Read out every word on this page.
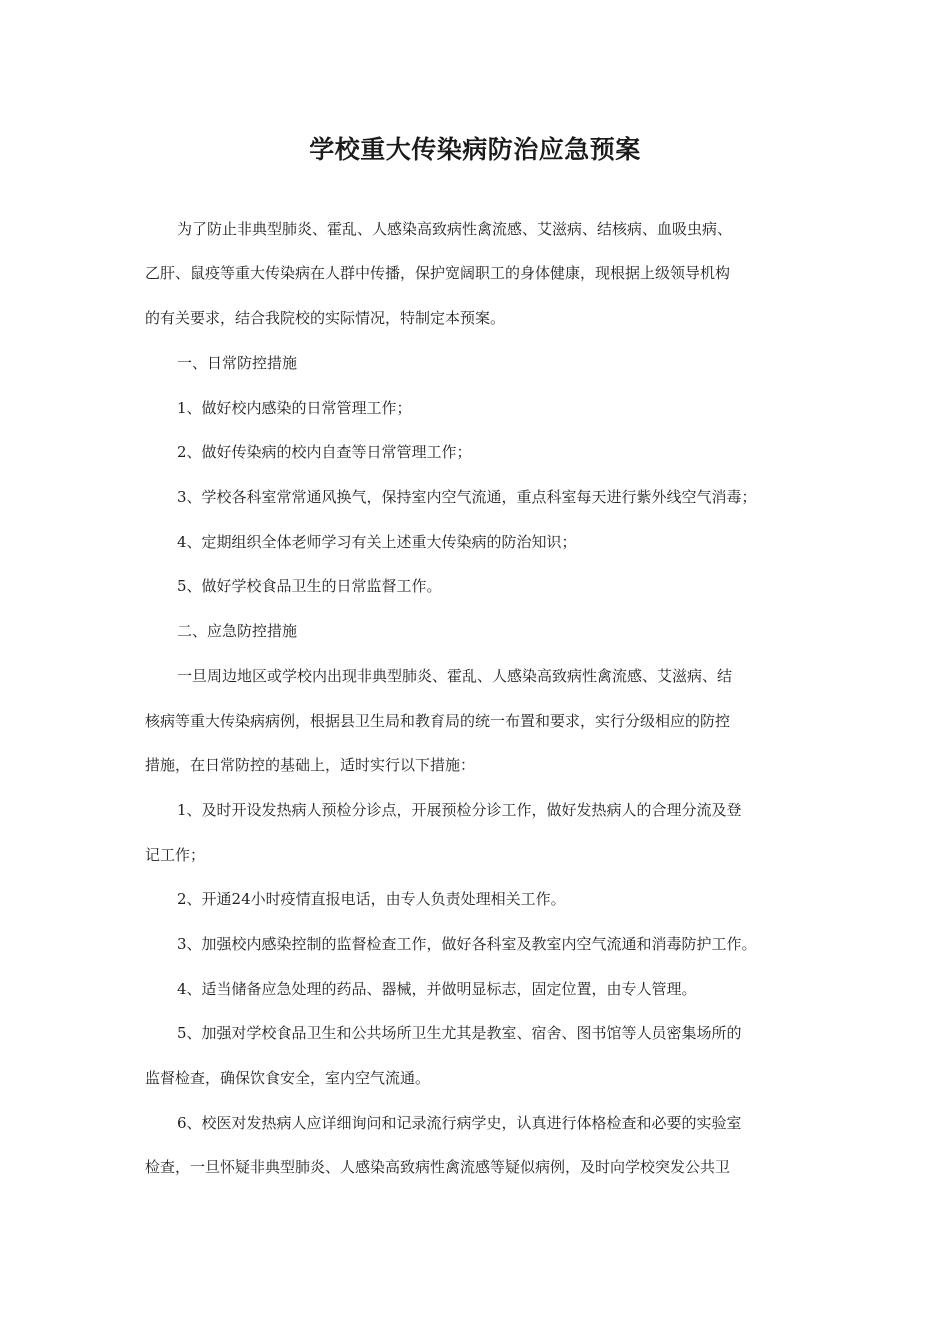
学校重大传染病防治应急预案
为了防止非典型肺炎、霍乱、人感染高致病性禽流感、艾滋病、结核病、血吸虫病、
乙肝、鼠疫等重大传染病在人群中传播，保护宽阔职工的身体健康，现根据上级领导机构
的有关要求，结合我院校的实际情况，特制定本预案。
一、日常防控措施
1、做好校内感染的日常管理工作；
2、做好传染病的校内自查等日常管理工作；
3、学校各科室常常通风换气，保持室内空气流通，重点科室每天进行紫外线空气消毒；
4、定期组织全体老师学习有关上述重大传染病的防治知识；
5、做好学校食品卫生的日常监督工作。
二、应急防控措施
一旦周边地区或学校内出现非典型肺炎、霍乱、人感染高致病性禽流感、艾滋病、结
核病等重大传染病病例，根据县卫生局和教育局的统一布置和要求，实行分级相应的防控
措施，在日常防控的基础上，适时实行以下措施：
1、及时开设发热病人预检分诊点，开展预检分诊工作，做好发热病人的合理分流及登
记工作；
2、开通24小时疫情直报电话，由专人负责处理相关工作。
3、加强校内感染控制的监督检查工作，做好各科室及教室内空气流通和消毒防护工作。
4、适当储备应急处理的药品、器械，并做明显标志，固定位置，由专人管理。
5、加强对学校食品卫生和公共场所卫生尤其是教室、宿舍、图书馆等人员密集场所的
监督检查，确保饮食安全，室内空气流通。
6、校医对发热病人应详细询问和记录流行病学史，认真进行体格检查和必要的实验室
检查，一旦怀疑非典型肺炎、人感染高致病性禽流感等疑似病例，及时向学校突发公共卫
